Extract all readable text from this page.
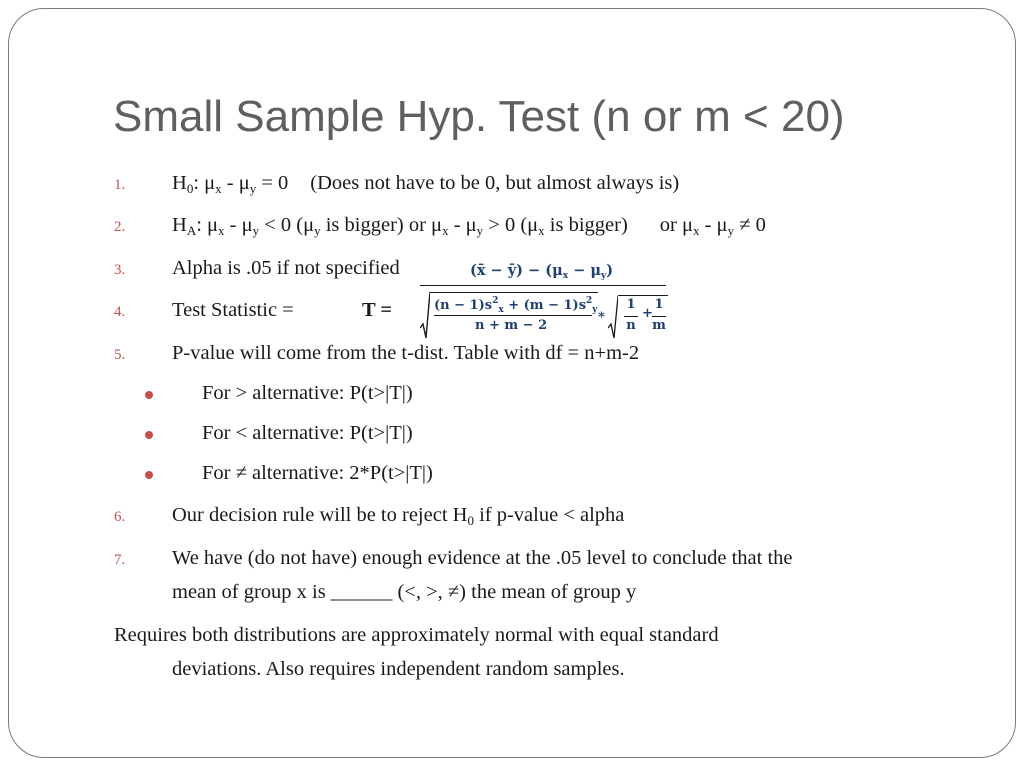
Small Sample Hyp. Test (n or m < 20)
1. $H_0$: $\mu_x - \mu_y = 0$ (Does not have to be 0, but almost always is)
2. $H_A$: $\mu_x - \mu_y < 0$ ($\mu_y$ is bigger) or $\mu_x - \mu_y > 0$ ($\mu_x$ is bigger) or $\mu_x - \mu_y \ne 0$
3. Alpha is .05 if not specified
4. Test Statistic =	T =
(x̄ − ȳ) − $(\mu_x - \mu_y)$
$(n - 1)s^2_x + (m - 1)s^2_y$
n + m − 2
*
1
n
+
1
m
5. P-value will come from the t-dist. Table with df = n+m-2
For > alternative: P(t>|T|)
For < alternative: P(t>|T|)
For ≠ alternative: 2*P(t>|T|)
6. Our decision rule will be to reject $H_0$ if p-value < alpha
7. We have (do not have) enough evidence at the .05 level to conclude that the
mean of group x is ______ (<, >, ≠) the mean of group y
Requires both distributions are approximately normal with equal standard
deviations. Also requires independent random samples.
